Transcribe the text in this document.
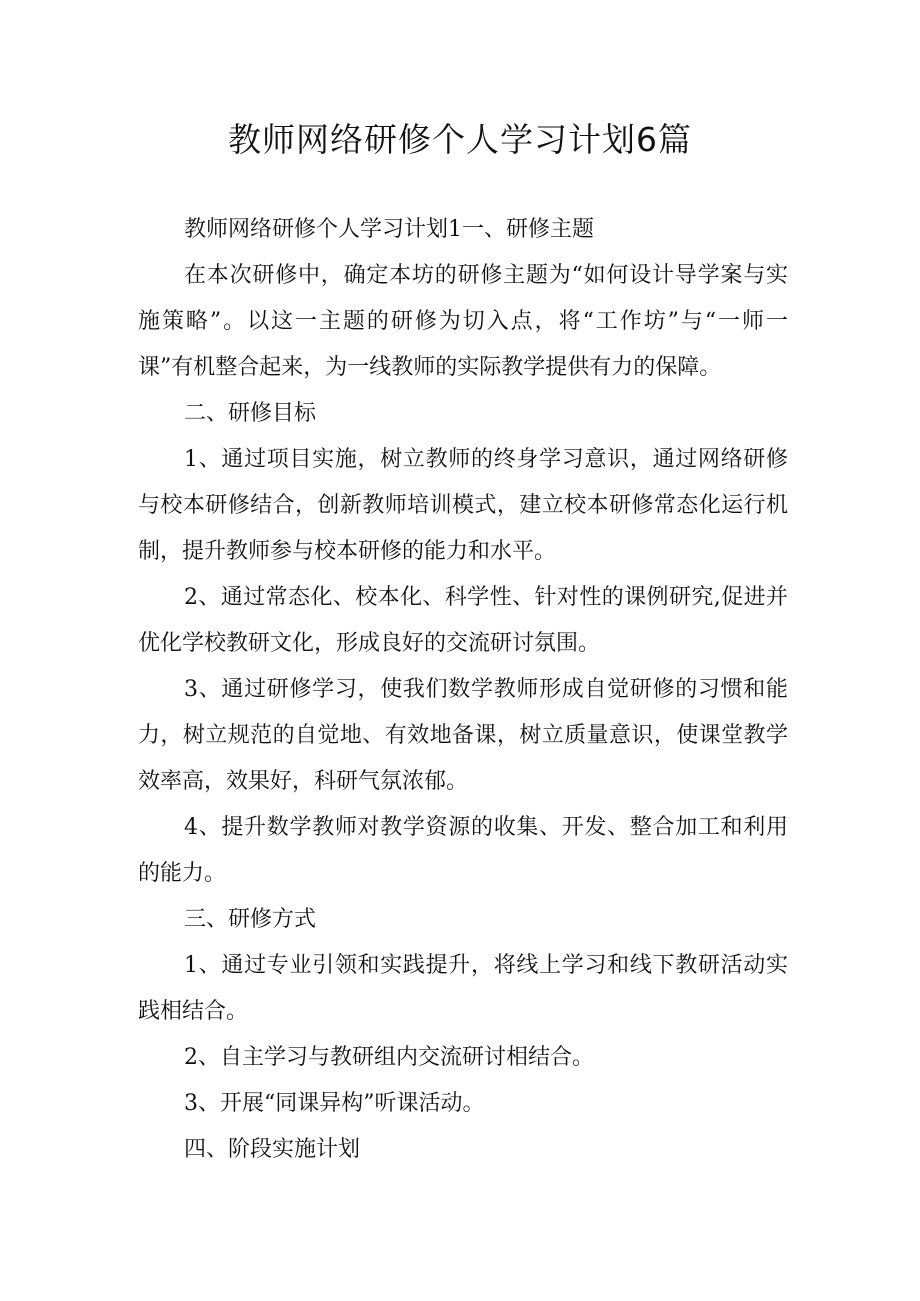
教师网络研修个人学习计划6篇

教师网络研修个人学习计划1一、研修主题

在本次研修中，确定本坊的研修主题为“如何设计导学案与实施策略”。以这一主题的研修为切入点，将“工作坊”与“一师一课”有机整合起来，为一线教师的实际教学提供有力的保障。

二、研修目标

1、通过项目实施，树立教师的终身学习意识，通过网络研修与校本研修结合，创新教师培训模式，建立校本研修常态化运行机制，提升教师参与校本研修的能力和水平。

2、通过常态化、校本化、科学性、针对性的课例研究,促进并优化学校教研文化，形成良好的交流研讨氛围。

3、通过研修学习，使我们数学教师形成自觉研修的习惯和能力，树立规范的自觉地、有效地备课，树立质量意识，使课堂教学效率高，效果好，科研气氛浓郁。

4、提升数学教师对教学资源的收集、开发、整合加工和利用的能力。

三、研修方式

1、通过专业引领和实践提升，将线上学习和线下教研活动实践相结合。

2、自主学习与教研组内交流研讨相结合。

3、开展“同课异构”听课活动。

四、阶段实施计划
